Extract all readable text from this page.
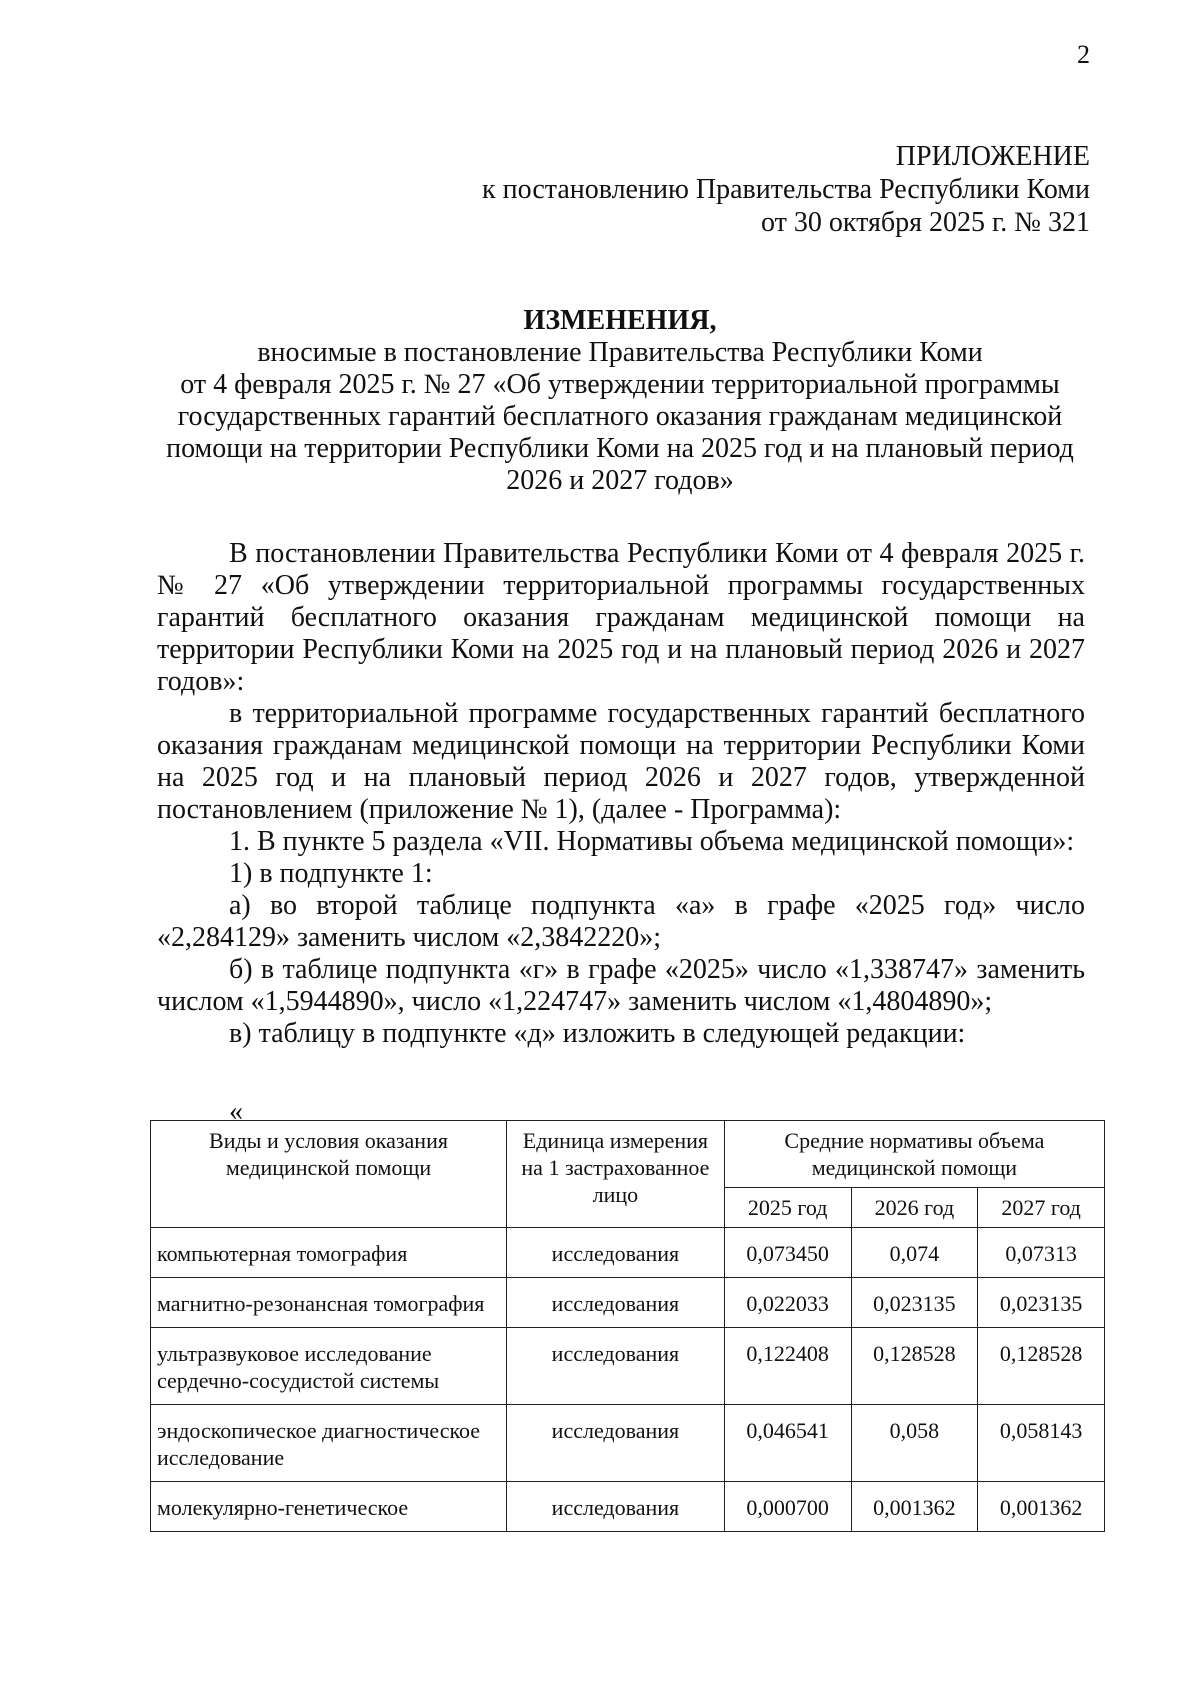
2
ПРИЛОЖЕНИЕ
к постановлению Правительства Республики Коми
от 30 октября 2025 г. № 321
ИЗМЕНЕНИЯ,
вносимые в постановление Правительства Республики Коми
от 4 февраля 2025 г. № 27 «Об утверждении территориальной программы
государственных гарантий бесплатного оказания гражданам медицинской
помощи на территории Республики Коми на 2025 год и на плановый период
2026 и 2027 годов»

В постановлении Правительства Республики Коми от 4 февраля 2025 г. № 27 «Об утверждении территориальной программы государственных гарантий бесплатного оказания гражданам медицинской помощи на территории Республики Коми на 2025 год и на плановый период 2026 и 2027 годов»:

в территориальной программе государственных гарантий бесплатного оказания гражданам медицинской помощи на территории Республики Коми на 2025 год и на плановый период 2026 и 2027 годов, утвержденной постановлением (приложение № 1), (далее - Программа):

1. В пункте 5 раздела «VII. Нормативы объема медицинской помощи»:

1) в подпункте 1:

а) во второй таблице подпункта «а» в графе «2025 год» число «2,284129» заменить числом «2,3842220»;

б) в таблице подпункта «г» в графе «2025» число «1,338747» заменить числом «1,5944890», число «1,224747» заменить числом «1,4804890»;

в) таблицу в подпункте «д» изложить в следующей редакции:

«
Виды и условия оказания медицинской помощи	Единица измерения на 1 застрахованное лицо	Средние нормативы объема медицинской помощи		
		2025 год	2026 год	2027 год
компьютерная томография	исследования	0,073450	0,074	0,07313
магнитно-резонансная томография	исследования	0,022033	0,023135	0,023135
ультразвуковое исследование сердечно-сосудистой системы	исследования	0,122408	0,128528	0,128528
эндоскопическое диагностическое исследование	исследования	0,046541	0,058	0,058143
молекулярно-генетическое	исследования	0,000700	0,001362	0,001362
